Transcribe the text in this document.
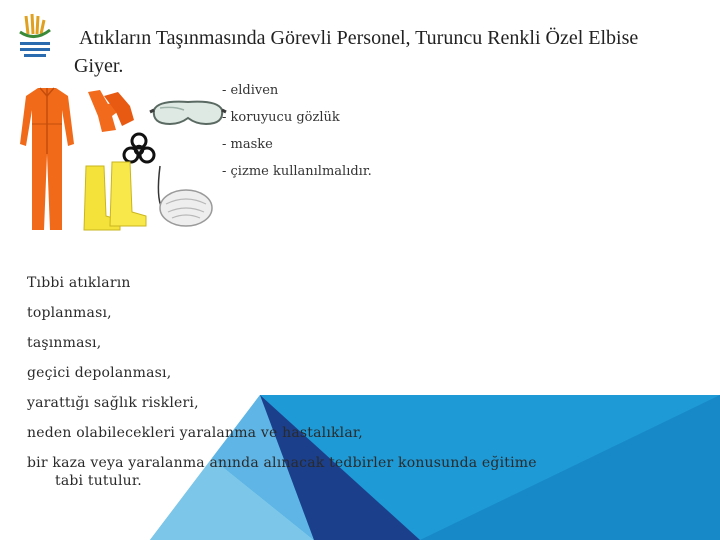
Atıkların Taşınmasında Görevli Personel, Turuncu Renkli Özel Elbise Giyer.
- eldiven
- koruyucu gözlük
- maske
- çizme kullanılmalıdır.
Tıbbi atıkların
toplanması,
taşınması,
geçici depolanması,
yarattığı sağlık riskleri,
neden olabilecekleri yaralanma ve hastalıklar,
bir kaza veya yaralanma anında alınacak tedbirler konusunda eğitime
tabi tutulur.
